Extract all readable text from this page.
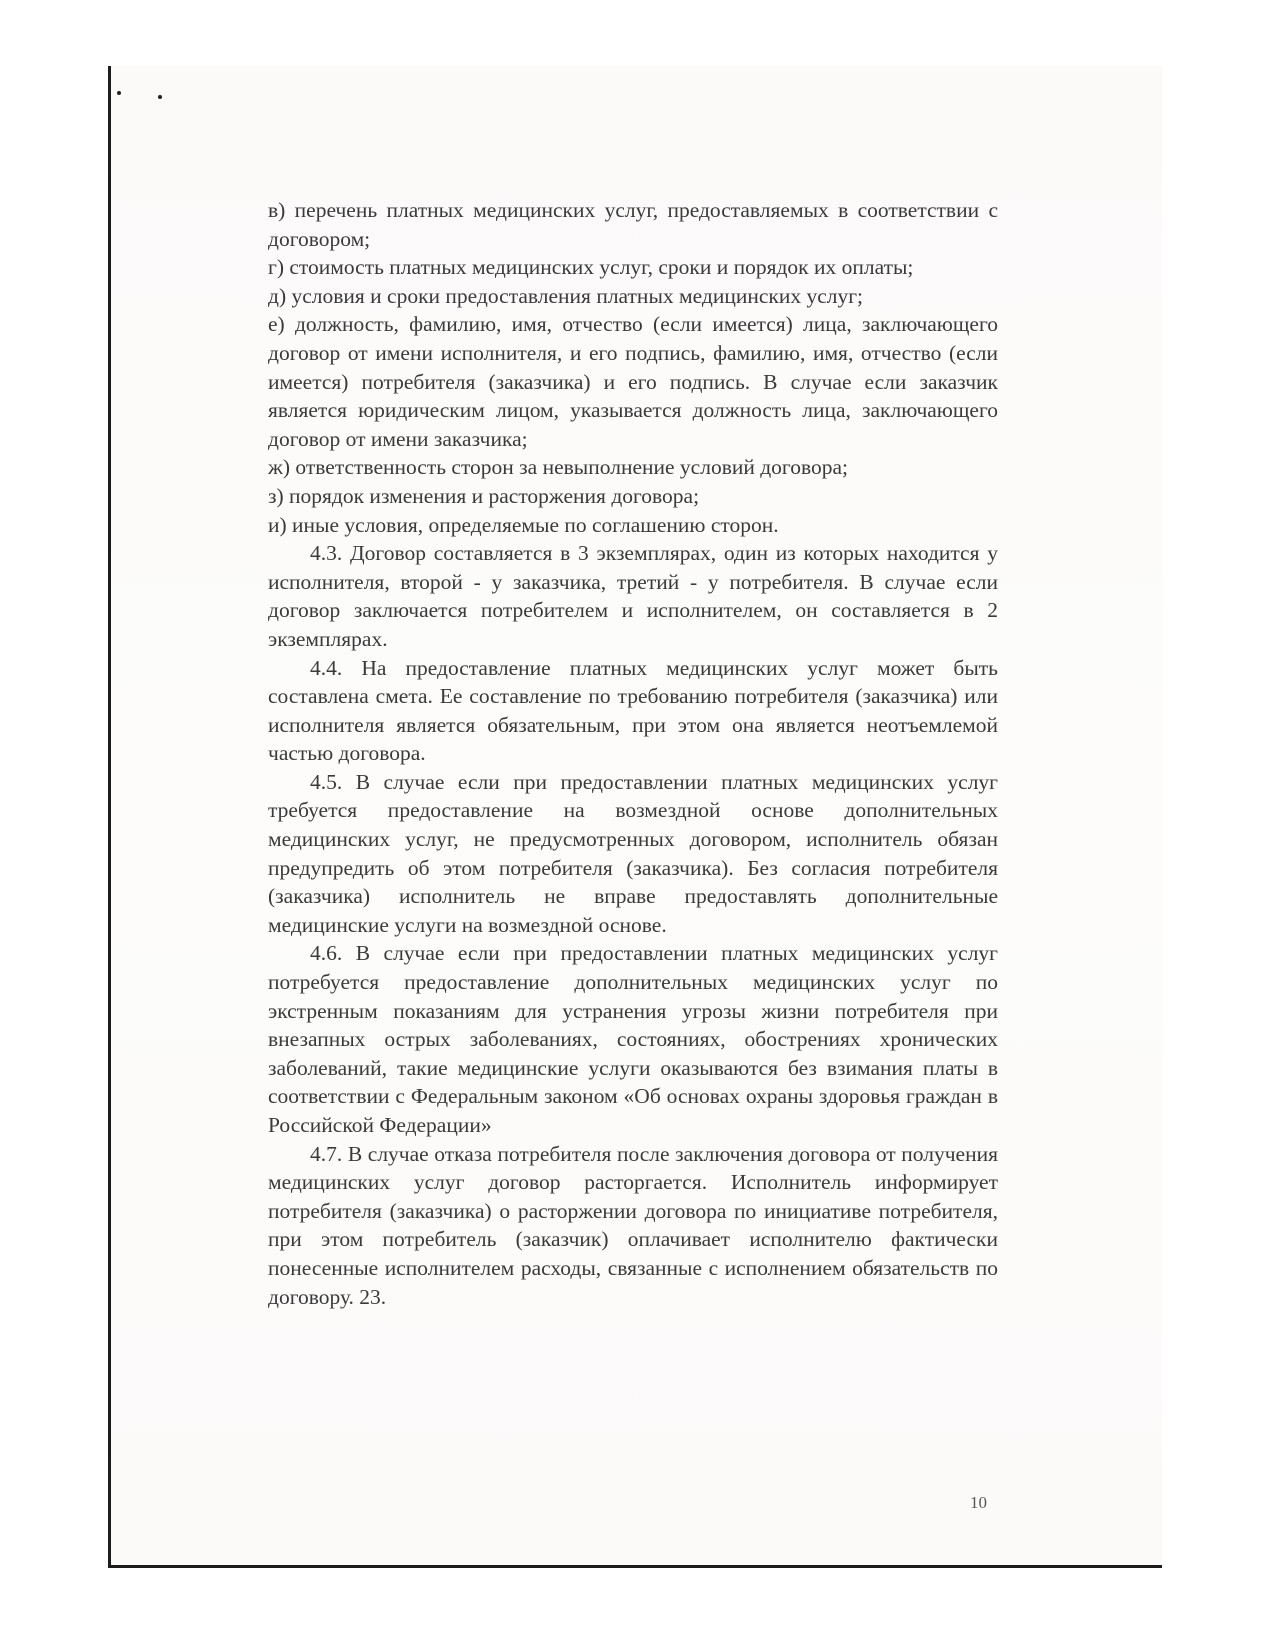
в) перечень платных медицинских услуг, предоставляемых в соответствии с договором;

г) стоимость платных медицинских услуг, сроки и порядок их оплаты;

д) условия и сроки предоставления платных медицинских услуг;

е) должность, фамилию, имя, отчество (если имеется) лица, заключающего договор от имени исполнителя, и его подпись, фамилию, имя, отчество (если имеется) потребителя (заказчика) и его подпись. В случае если заказчик является юридическим лицом, указывается должность лица, заключающего договор от имени заказчика;

ж) ответственность сторон за невыполнение условий договора;

з) порядок изменения и расторжения договора;

и) иные условия, определяемые по соглашению сторон.

4.3. Договор составляется в 3 экземплярах, один из которых находится у исполнителя, второй - у заказчика, третий - у потребителя. В случае если договор заключается потребителем и исполнителем, он составляется в 2 экземплярах.

4.4. На предоставление платных медицинских услуг может быть составлена смета. Ее составление по требованию потребителя (заказчика) или исполнителя является обязательным, при этом она является неотъемлемой частью договора.

4.5. В случае если при предоставлении платных медицинских услуг требуется предоставление на возмездной основе дополнительных медицинских услуг, не предусмотренных договором, исполнитель обязан предупредить об этом потребителя (заказчика). Без согласия потребителя (заказчика) исполнитель не вправе предоставлять дополнительные медицинские услуги на возмездной основе.

4.6. В случае если при предоставлении платных медицинских услуг потребуется предоставление дополнительных медицинских услуг по экстренным показаниям для устранения угрозы жизни потребителя при внезапных острых заболеваниях, состояниях, обострениях хронических заболеваний, такие медицинские услуги оказываются без взимания платы в соответствии с Федеральным законом «Об основах охраны здоровья граждан в Российской Федерации»

4.7. В случае отказа потребителя после заключения договора от получения медицинских услуг договор расторгается. Исполнитель информирует потребителя (заказчика) о расторжении договора по инициативе потребителя, при этом потребитель (заказчик) оплачивает исполнителю фактически понесенные исполнителем расходы, связанные с исполнением обязательств по договору. 23.

10
